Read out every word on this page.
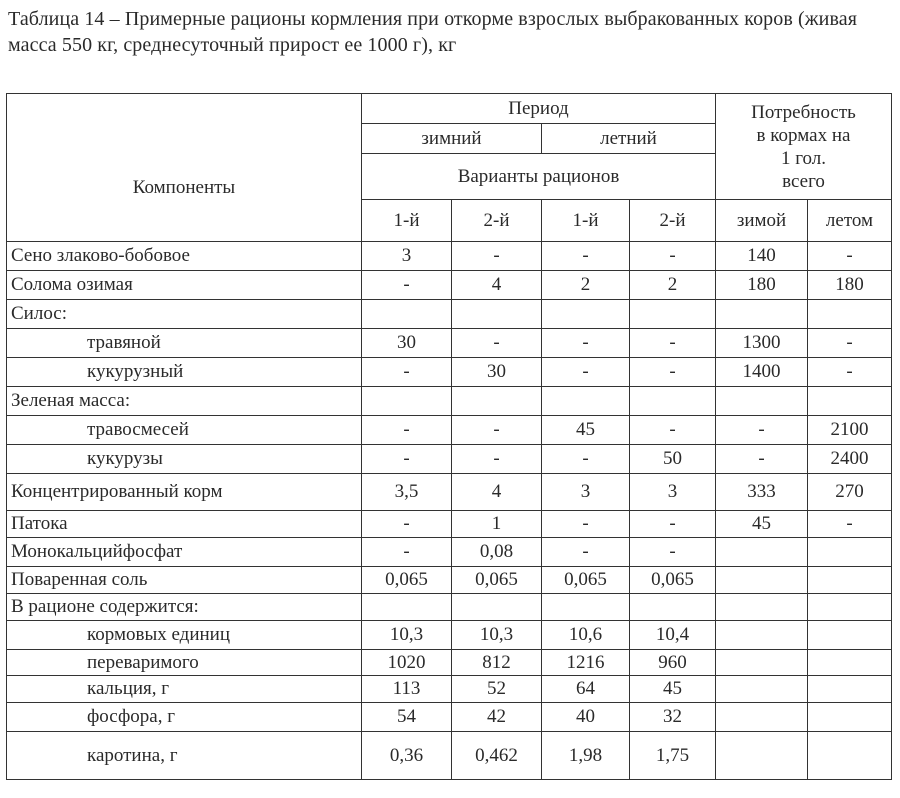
Таблица 14 – Примерные рационы кормления при откорме взрослых выбракованных коров (живая масса 550 кг, среднесуточный прирост ее 1000 г), кг
Компоненты	Период				Потребность
в кормах на
1 гол.
всего	
	зимний		летний			
	Варианты рационов					
	1-й	2-й	1-й	2-й	зимой	летом
Сено злаково-бобовое	3	-	-	-	140	-
Солома озимая	-	4	2	2	180	180
Силос:						
травяной	30	-	-	-	1300	-
кукурузный	-	30	-	-	1400	-
Зеленая масса:						
травосмесей	-	-	45	-	-	2100
кукурузы	-	-	-	50	-	2400
Концентрированный корм	3,5	4	3	3	333	270
Патока	-	1	-	-	45	-
Монокальцийфосфат	-	0,08	-	-		
Поваренная соль	0,065	0,065	0,065	0,065		
В рационе содержится:						
кормовых единиц	10,3	10,3	10,6	10,4		
переваримого	1020	812	1216	960		
кальция, г	113	52	64	45		
фосфора, г	54	42	40	32		
каротина, г	0,36	0,462	1,98	1,75		
